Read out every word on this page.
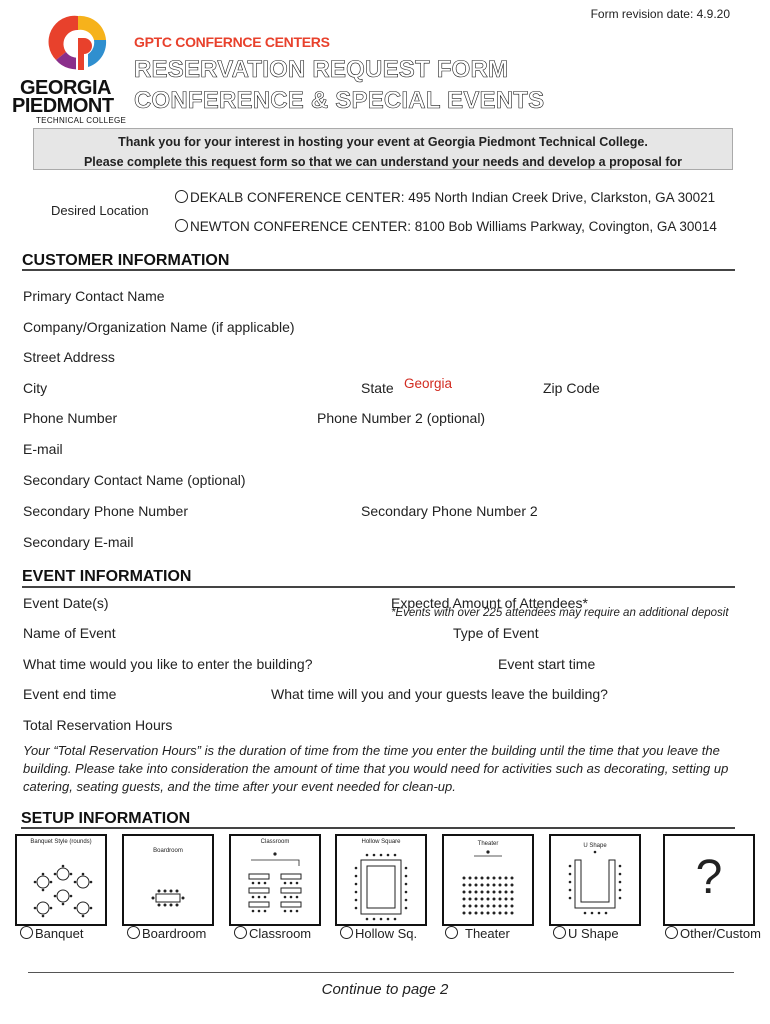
Form revision date: 4.9.20
GEORGIA
PIEDMONT
TECHNICAL COLLEGE
GPTC CONFERNCE CENTERS
RESERVATION REQUEST FORM
CONFERENCE & SPECIAL EVENTS
Thank you for your interest in hosting your event at Georgia Piedmont Technical College.
Please complete this request form so that we can understand your needs and develop a proposal for
Desired Location
DEKALB CONFERENCE CENTER: 495 North Indian Creek Drive, Clarkston, GA 30021
NEWTON CONFERENCE CENTER: 8100 Bob Williams Parkway, Covington, GA 30014
CUSTOMER INFORMATION
Primary Contact Name
Company/Organization Name (if applicable)
Street Address
City	State Georgia	Zip Code
Phone Number	Phone Number 2 (optional)
E-mail
Secondary Contact Name (optional)
Secondary Phone Number	Secondary Phone Number 2
Secondary E-mail
EVENT INFORMATION
Event Date(s)	Expected Amount of Attendees*
*Events with over 225 attendees may require an additional deposit
Name of Event	Type of Event
What time would you like to enter the building?	Event start time
Event end time	What time will you and your guests leave the building?
Total Reservation Hours
Your “Total Reservation Hours” is the duration of time from the time you enter the building until the time that you leave the building. Please take into consideration the amount of time that you would need for activities such as decorating, setting up catering, seating guests, and the time after your event needed for clean-up.
SETUP INFORMATION
Banquet Style (rounds)
Boardroom
Classroom	Hollow Square	Theater	U Shape
?
Banquet	Boardroom	Classroom	Hollow Sq.	Theater	U Shape	Other/Custom
Continue to page 2
